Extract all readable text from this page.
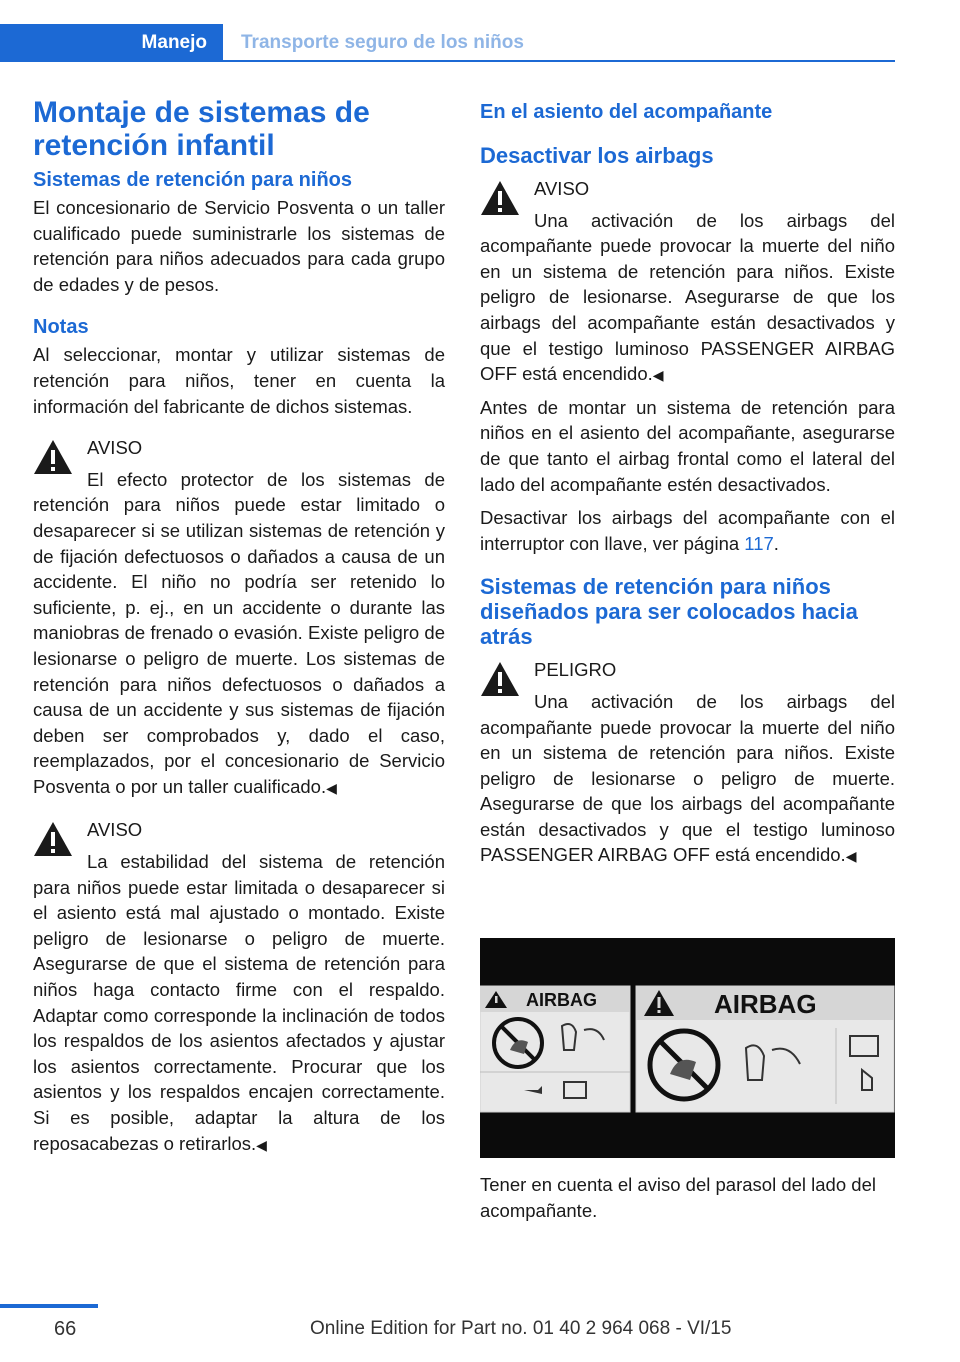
Manejo	Transporte seguro de los niños
Montaje de sistemas de retención infantil
Sistemas de retención para niños

El concesionario de Servicio Posventa o un taller cualificado puede suministrarle los sistemas de retención para niños adecuados para cada grupo de edades y de pesos.

Notas

Al seleccionar, montar y utilizar sistemas de retención para niños, tener en cuenta la información del fabricante de dichos sistemas.

AVISO
El efecto protector de los sistemas de retención para niños puede estar limitado o desaparecer si se utilizan sistemas de retención y de fijación defectuosos o dañados a causa de un accidente. El niño no podría ser retenido lo suficiente, p. ej., en un accidente o durante las maniobras de frenado o evasión. Existe peligro de lesionarse o peligro de muerte. Los sistemas de retención para niños defectuosos o dañados a causa de un accidente y sus sistemas de fijación deben ser comprobados y, dado el caso, reemplazados, por el concesionario de Servicio Posventa o por un taller cualificado.◀
AVISO
La estabilidad del sistema de retención para niños puede estar limitada o desaparecer si el asiento está mal ajustado o montado. Existe peligro de lesionarse o peligro de muerte. Asegurarse de que el sistema de retención para niños haga contacto firme con el respaldo. Adaptar como corresponde la inclinación de todos los respaldos de los asientos afectados y ajustar los asientos correctamente. Procurar que los asientos y los respaldos encajen correctamente. Si es posible, adaptar la altura de los reposacabezas o retirarlos.◀
En el asiento del acompañante
Desactivar los airbags
AVISO
Una activación de los airbags del acompañante puede provocar la muerte del niño en un sistema de retención para niños. Existe peligro de lesionarse. Asegurarse de que los airbags del acompañante están desactivados y que el testigo luminoso PASSENGER AIRBAG OFF está encendido.◀

Antes de montar un sistema de retención para niños en el asiento del acompañante, asegurarse de que tanto el airbag frontal como el lateral del lado del acompañante estén desactivados.

Desactivar los airbags del acompañante con el interruptor con llave, ver página 117.

Sistemas de retención para niños diseñados para ser colocados hacia atrás
PELIGRO
Una activación de los airbags del acompañante puede provocar la muerte del niño en un sistema de retención para niños. Existe peligro de lesionarse o peligro de muerte. Asegurarse de que los airbags del acompañante están desactivados y que el testigo luminoso PASSENGER AIRBAG OFF está encendido.◀
AIRBAG	AIRBAG
Tener en cuenta el aviso del parasol del lado del acompañante.
66	Online Edition for Part no. 01 40 2 964 068 - VI/15
